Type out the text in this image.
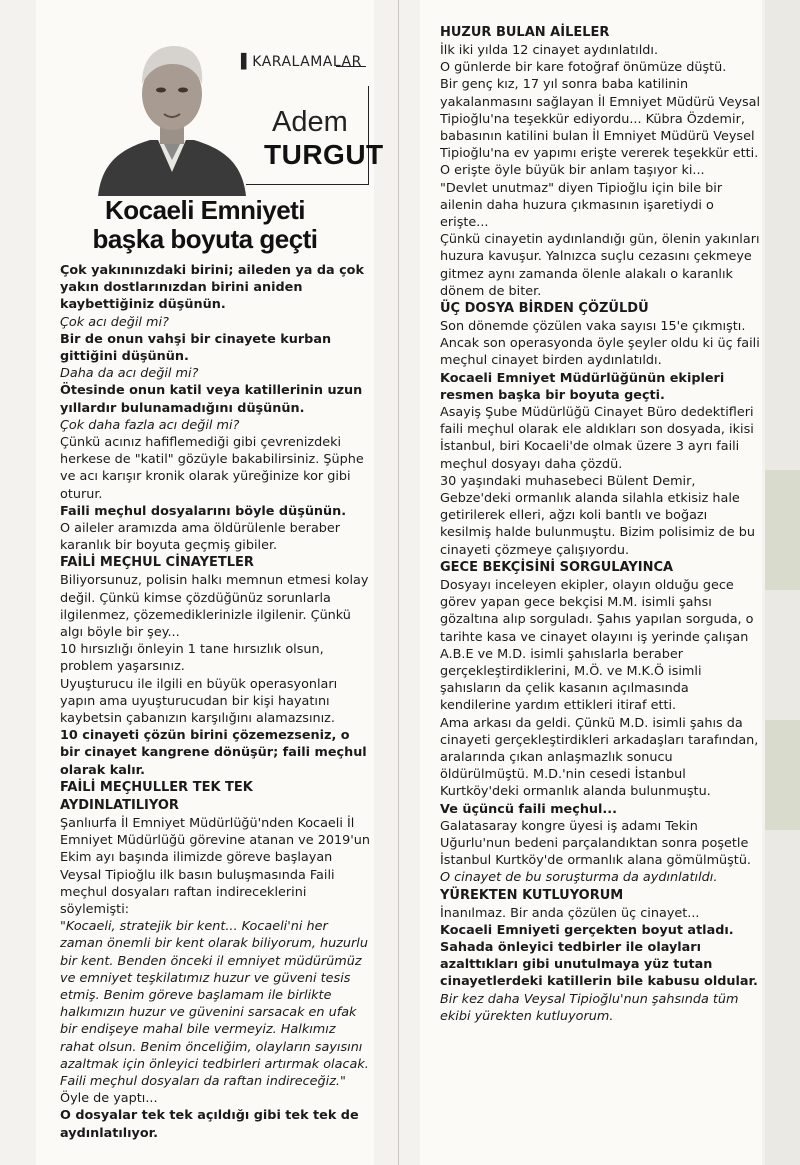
▌KARALAMALAR
Adem
TURGUT
Kocaeli Emniyeti
başka boyuta geçti

Çok yakınınızdaki birini; aileden ya da çok yakın dostlarınızdan birini aniden kaybettiğiniz düşünün.

Çok acı değil mi?

Bir de onun vahşi bir cinayete kurban gittiğini düşünün.

Daha da acı değil mi?

Ötesinde onun katil veya katillerinin uzun yıllardır bulunamadığını düşünün.

Çok daha fazla acı değil mi?

Çünkü acınız hafiflemediği gibi çevrenizdeki herkese de "katil" gözüyle bakabilirsiniz. Şüphe ve acı karışır kronik olarak yüreğinize kor gibi oturur.

Faili meçhul dosyalarını böyle düşünün.

O aileler aramızda ama öldürülenle beraber karanlık bir boyuta geçmiş gibiler.

FAİLİ MEÇHUL CİNAYETLER

Biliyorsunuz, polisin halkı memnun etmesi kolay değil. Çünkü kimse çözdüğünüz sorunlarla ilgilenmez, çözemediklerinizle ilgilenir. Çünkü algı böyle bir şey...

10 hırsızlığı önleyin 1 tane hırsızlık olsun, problem yaşarsınız.

Uyuşturucu ile ilgili en büyük operasyonları yapın ama uyuşturucudan bir kişi hayatını kaybetsin çabanızın karşılığını alamazsınız.

10 cinayeti çözün birini çözemezseniz, o bir cinayet kangrene dönüşür; faili meçhul olarak kalır.

FAİLİ MEÇHULLER TEK TEK AYDINLATILIYOR

Şanlıurfa İl Emniyet Müdürlüğü'nden Kocaeli İl Emniyet Müdürlüğü görevine atanan ve 2019'un Ekim ayı başında ilimizde göreve başlayan Veysal Tipioğlu ilk basın buluşmasında Faili meçhul dosyaları raftan indireceklerini söylemişti:

"Kocaeli, stratejik bir kent... Kocaeli'ni her zaman önemli bir kent olarak biliyorum, huzurlu bir kent. Benden önceki il emniyet müdürümüz ve emniyet teşkilatımız huzur ve güveni tesis etmiş. Benim göreve başlamam ile birlikte halkımızın huzur ve güvenini sarsacak en ufak bir endişeye mahal bile vermeyiz. Halkımız rahat olsun. Benim önceliğim, olayların sayısını azaltmak için önleyici tedbirleri artırmak olacak. Faili meçhul dosyaları da raftan indireceğiz."

Öyle de yaptı...

O dosyalar tek tek açıldığı gibi tek tek de aydınlatılıyor.

HUZUR BULAN AİLELER

İlk iki yılda 12 cinayet aydınlatıldı.

O günlerde bir kare fotoğraf önümüze düştü.

Bir genç kız, 17 yıl sonra baba katilinin yakalanmasını sağlayan İl Emniyet Müdürü Veysal Tipioğlu'na teşekkür ediyordu... Kübra Özdemir, babasının katilini bulan İl Emniyet Müdürü Veysel Tipioğlu'na ev yapımı erişte vererek teşekkür etti. O erişte öyle büyük bir anlam taşıyor ki...

"Devlet unutmaz" diyen Tipioğlu için bile bir ailenin daha huzura çıkmasının işaretiydi o erişte...

Çünkü cinayetin aydınlandığı gün, ölenin yakınları huzura kavuşur. Yalnızca suçlu cezasını çekmeye gitmez aynı zamanda ölenle alakalı o karanlık dönem de biter.

ÜÇ DOSYA BİRDEN ÇÖZÜLDÜ

Son dönemde çözülen vaka sayısı 15'e çıkmıştı.

Ancak son operasyonda öyle şeyler oldu ki üç faili meçhul cinayet birden aydınlatıldı.

Kocaeli Emniyet Müdürlüğünün ekipleri resmen başka bir boyuta geçti.

Asayiş Şube Müdürlüğü Cinayet Büro dedektifleri faili meçhul olarak ele aldıkları son dosyada, ikisi İstanbul, biri Kocaeli'de olmak üzere 3 ayrı faili meçhul dosyayı daha çözdü.

30 yaşındaki muhasebeci Bülent Demir, Gebze'deki ormanlık alanda silahla etkisiz hale getirilerek elleri, ağzı koli bantlı ve boğazı kesilmiş halde bulunmuştu. Bizim polisimiz de bu cinayeti çözmeye çalışıyordu.

GECE BEKÇİSİNİ SORGULAYINCA

Dosyayı inceleyen ekipler, olayın olduğu gece görev yapan gece bekçisi M.M. isimli şahsı gözaltına alıp sorguladı. Şahıs yapılan sorguda, o tarihte kasa ve cinayet olayını iş yerinde çalışan A.B.E ve M.D. isimli şahıslarla beraber gerçekleştirdiklerini, M.Ö. ve M.K.Ö isimli şahısların da çelik kasanın açılmasında kendilerine yardım ettikleri itiraf etti.

Ama arkası da geldi. Çünkü M.D. isimli şahıs da cinayeti gerçekleştirdikleri arkadaşları tarafından, aralarında çıkan anlaşmazlık sonucu öldürülmüştü. M.D.'nin cesedi İstanbul Kurtköy'deki ormanlık alanda bulunmuştu.

Ve üçüncü faili meçhul...

Galatasaray kongre üyesi iş adamı Tekin Uğurlu'nun bedeni parçalandıktan sonra poşetle İstanbul Kurtköy'de ormanlık alana gömülmüştü.

O cinayet de bu soruşturma da aydınlatıldı.

YÜREKTEN KUTLUYORUM

İnanılmaz. Bir anda çözülen üç cinayet...

Kocaeli Emniyeti gerçekten boyut atladı.

Sahada önleyici tedbirler ile olayları azalttıkları gibi unutulmaya yüz tutan cinayetlerdeki katillerin bile kabusu oldular.

Bir kez daha Veysal Tipioğlu'nun şahsında tüm ekibi yürekten kutluyorum.
